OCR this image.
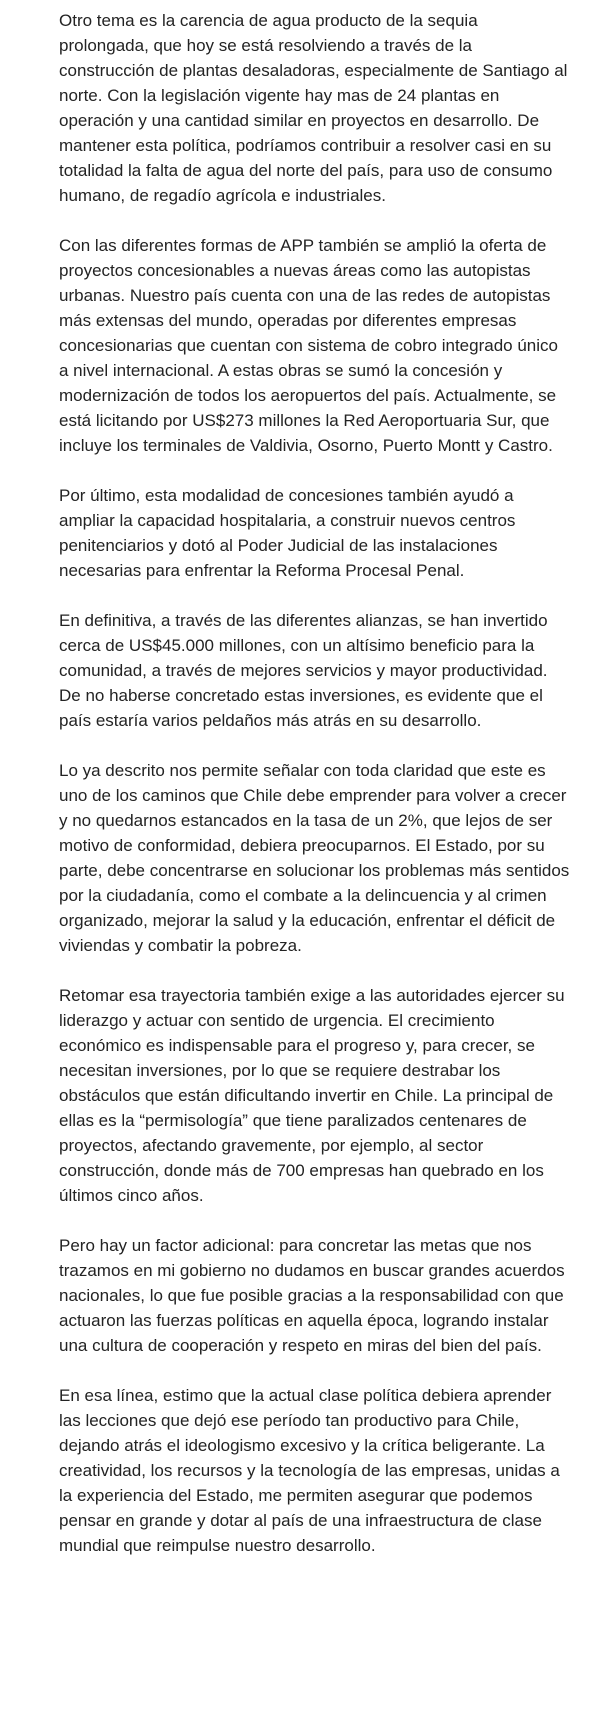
Otro tema es la carencia de agua producto de la sequia prolongada, que hoy se está resolviendo a través de la construcción de plantas desaladoras, especialmente de Santiago al norte. Con la legislación vigente hay mas de 24 plantas en operación y una cantidad similar en proyectos en desarrollo. De mantener esta política, podríamos contribuir a resolver casi en su totalidad la falta de agua del norte del país, para uso de consumo humano, de regadío agrícola e industriales.

Con las diferentes formas de APP también se amplió la oferta de proyectos concesionables a nuevas áreas como las autopistas urbanas. Nuestro país cuenta con una de las redes de autopistas más extensas del mundo, operadas por diferentes empresas concesionarias que cuentan con sistema de cobro integrado único a nivel internacional. A estas obras se sumó la concesión y modernización de todos los aeropuertos del país. Actualmente, se está licitando por US$273 millones la Red Aeroportuaria Sur, que incluye los terminales de Valdivia, Osorno, Puerto Montt y Castro.

Por último, esta modalidad de concesiones también ayudó a ampliar la capacidad hospitalaria, a construir nuevos centros penitenciarios y dotó al Poder Judicial de las instalaciones necesarias para enfrentar la Reforma Procesal Penal.

En definitiva, a través de las diferentes alianzas, se han invertido cerca de US$45.000 millones, con un altísimo beneficio para la comunidad, a través de mejores servicios y mayor productividad. De no haberse concretado estas inversiones, es evidente que el país estaría varios peldaños más atrás en su desarrollo.

Lo ya descrito nos permite señalar con toda claridad que este es uno de los caminos que Chile debe emprender para volver a crecer y no quedarnos estancados en la tasa de un 2%, que lejos de ser motivo de conformidad, debiera preocuparnos. El Estado, por su parte, debe concentrarse en solucionar los problemas más sentidos por la ciudadanía, como el combate a la delincuencia y al crimen organizado, mejorar la salud y la educación, enfrentar el déficit de viviendas y combatir la pobreza.

Retomar esa trayectoria también exige a las autoridades ejercer su liderazgo y actuar con sentido de urgencia. El crecimiento económico es indispensable para el progreso y, para crecer, se necesitan inversiones, por lo que se requiere destrabar los obstáculos que están dificultando invertir en Chile. La principal de ellas es la “permisología” que tiene paralizados centenares de proyectos, afectando gravemente, por ejemplo, al sector construcción, donde más de 700 empresas han quebrado en los últimos cinco años.

Pero hay un factor adicional: para concretar las metas que nos trazamos en mi gobierno no dudamos en buscar grandes acuerdos nacionales, lo que fue posible gracias a la responsabilidad con que actuaron las fuerzas políticas en aquella época, logrando instalar una cultura de cooperación y respeto en miras del bien del país.

En esa línea, estimo que la actual clase política debiera aprender las lecciones que dejó ese período tan productivo para Chile, dejando atrás el ideologismo excesivo y la crítica beligerante. La creatividad, los recursos y la tecnología de las empresas, unidas a la experiencia del Estado, me permiten asegurar que podemos pensar en grande y dotar al país de una infraestructura de clase mundial que reimpulse nuestro desarrollo.
